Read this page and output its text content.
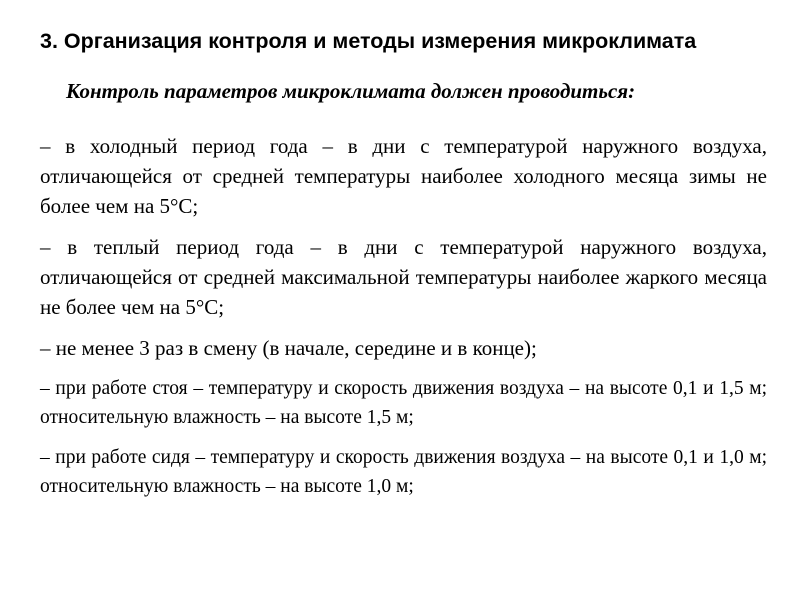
3. Организация контроля и методы измерения микроклимата

Контроль параметров микроклимата должен проводиться:

– в холодный период года – в дни с температурой наружного воздуха, отличающейся от средней температуры наиболее холодного месяца зимы не более чем на 5°С;
– в теплый период года – в дни с температурой наружного воздуха, отличающейся от средней максимальной температуры наиболее жаркого месяца не более чем на 5°С;
– не менее 3 раз в смену (в начале, середине и в конце);
– при работе стоя – температуру и скорость движения воздуха – на высоте 0,1 и 1,5 м; относительную влажность – на высоте 1,5 м;
– при работе сидя – температуру и скорость движения воздуха – на высоте 0,1 и 1,0 м; относительную влажность – на высоте 1,0 м;
